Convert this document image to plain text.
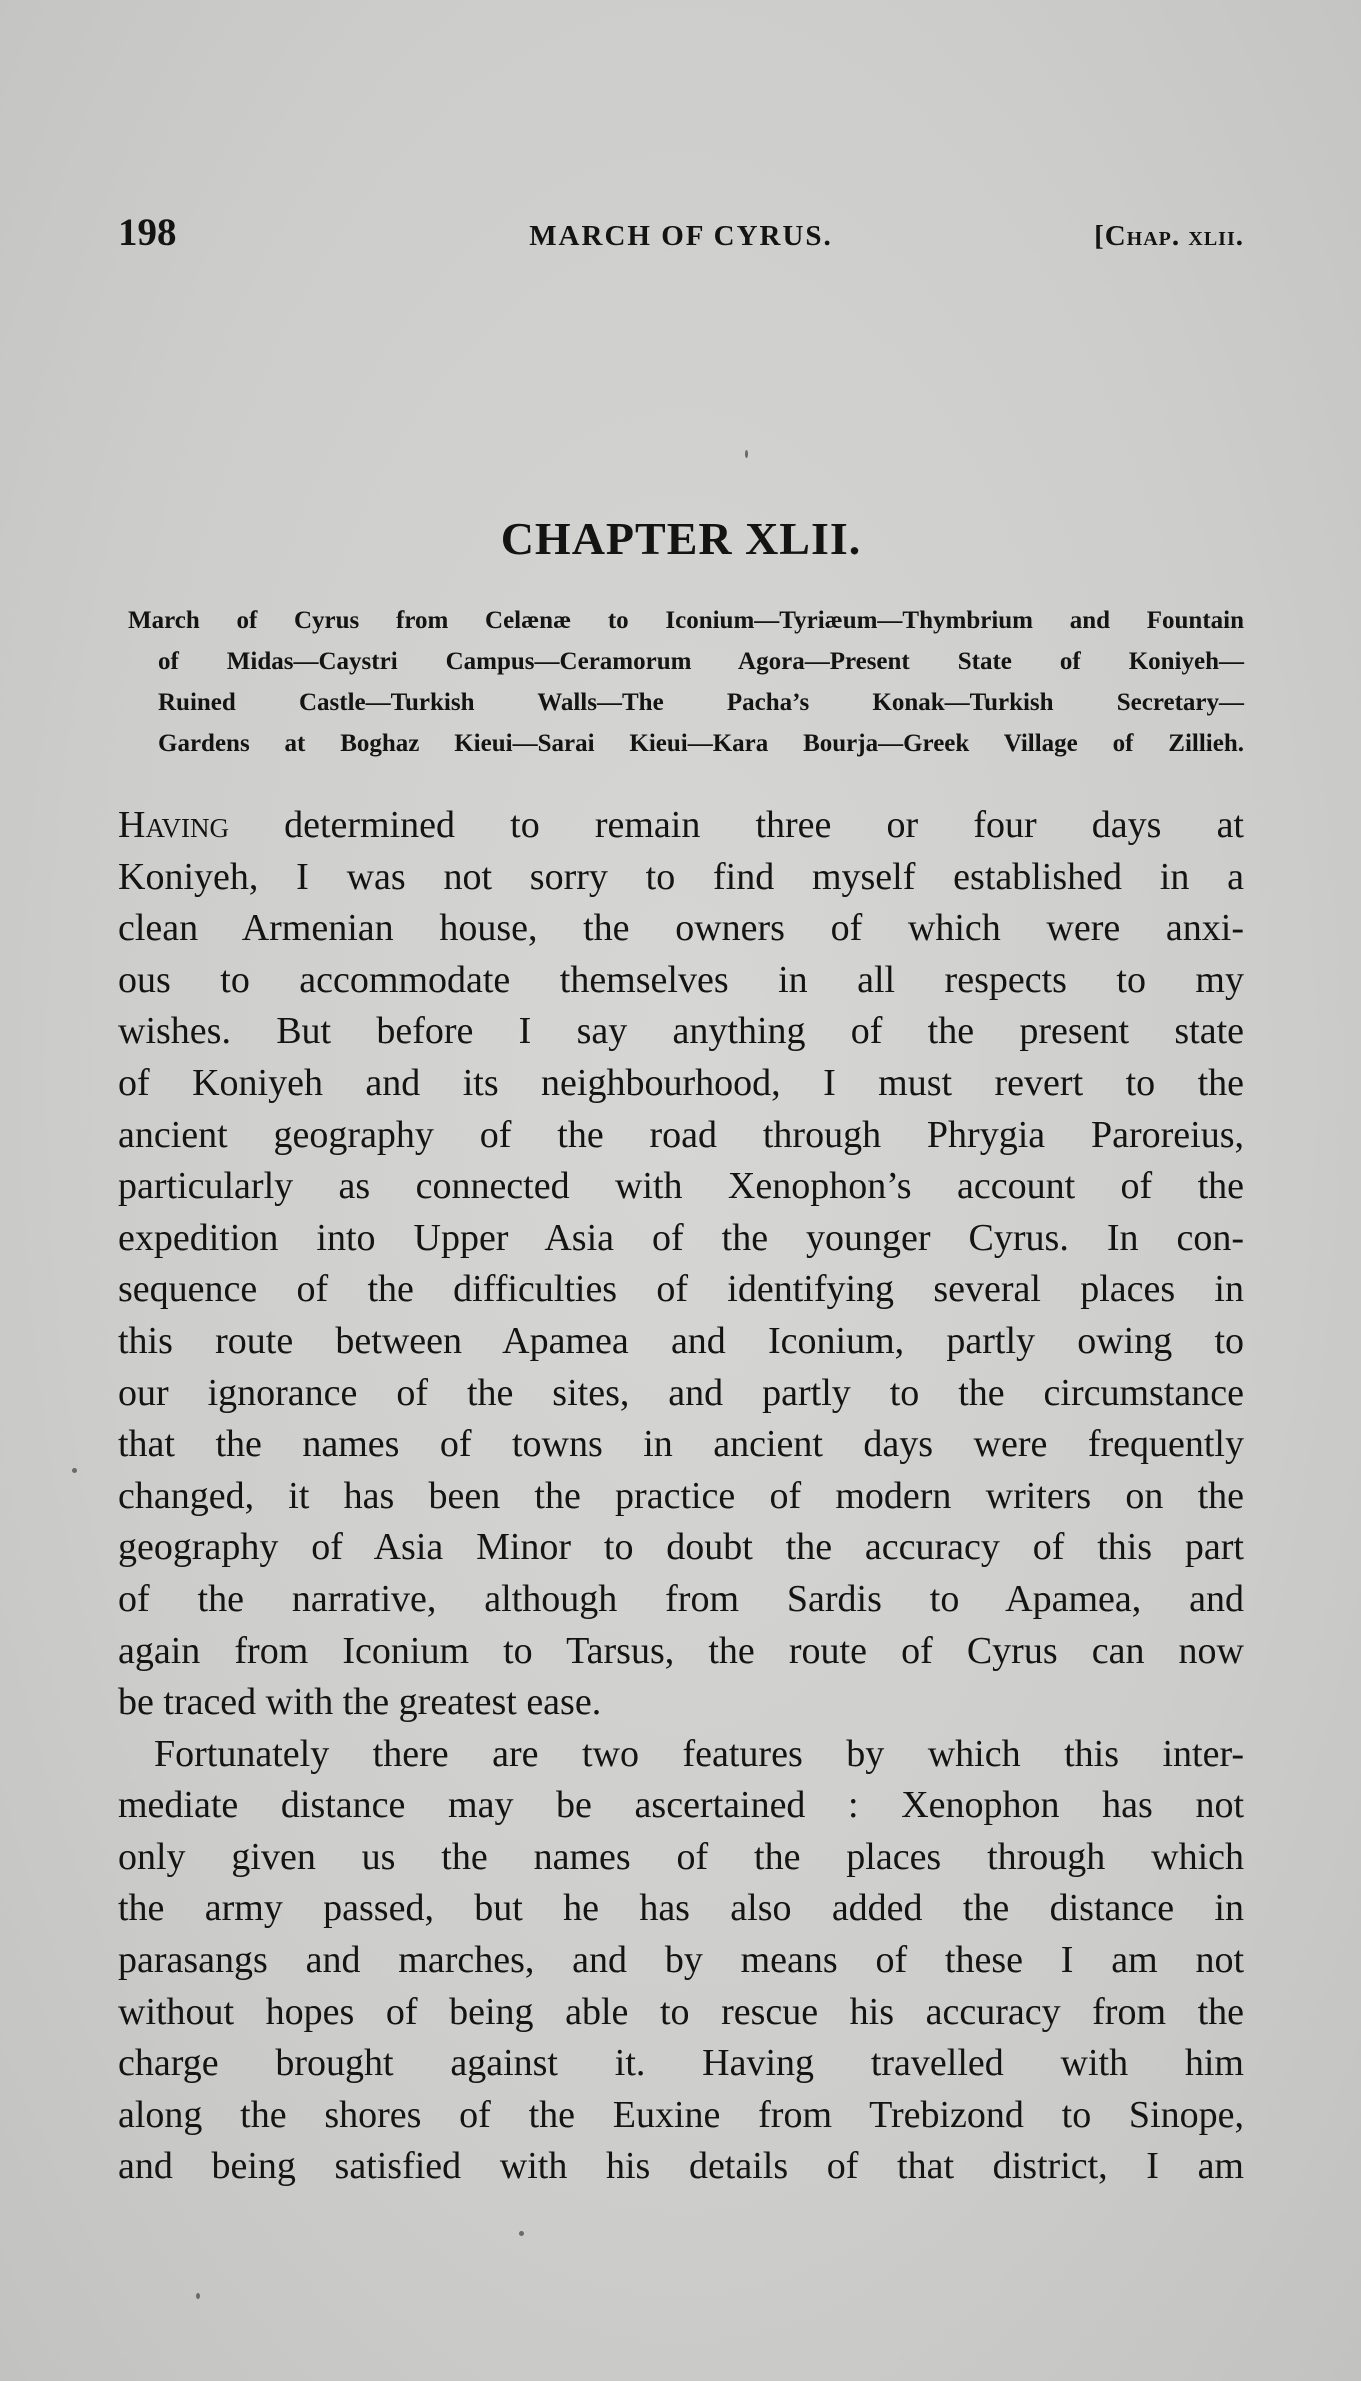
198	MARCH OF CYRUS.	[Chap. xlii.
CHAPTER XLII.
March of Cyrus from Celænæ to Iconium—Tyriæum—Thymbrium and Fountain
of Midas—Caystri Campus—Ceramorum Agora—Present State of Koniyeh—
Ruined Castle—Turkish Walls—The Pacha’s Konak—Turkish Secretary—
Gardens at Boghaz Kieui—Sarai Kieui—Kara Bourja—Greek Village of Zillieh.
Having determined to remain three or four days at
Koniyeh, I was not sorry to find myself established in a
clean Armenian house, the owners of which were anxi-
ous to accommodate themselves in all respects to my
wishes. But before I say anything of the present state
of Koniyeh and its neighbourhood, I must revert to the
ancient geography of the road through Phrygia Paroreius,
particularly as connected with Xenophon’s account of the
expedition into Upper Asia of the younger Cyrus. In con-
sequence of the difficulties of identifying several places in
this route between Apamea and Iconium, partly owing to
our ignorance of the sites, and partly to the circumstance
that the names of towns in ancient days were frequently
changed, it has been the practice of modern writers on the
geography of Asia Minor to doubt the accuracy of this part
of the narrative, although from Sardis to Apamea, and
again from Iconium to Tarsus, the route of Cyrus can now
be traced with the greatest ease.
Fortunately there are two features by which this inter-
mediate distance may be ascertained : Xenophon has not
only given us the names of the places through which
the army passed, but he has also added the distance in
parasangs and marches, and by means of these I am not
without hopes of being able to rescue his accuracy from the
charge brought against it. Having travelled with him
along the shores of the Euxine from Trebizond to Sinope,
and being satisfied with his details of that district, I am
